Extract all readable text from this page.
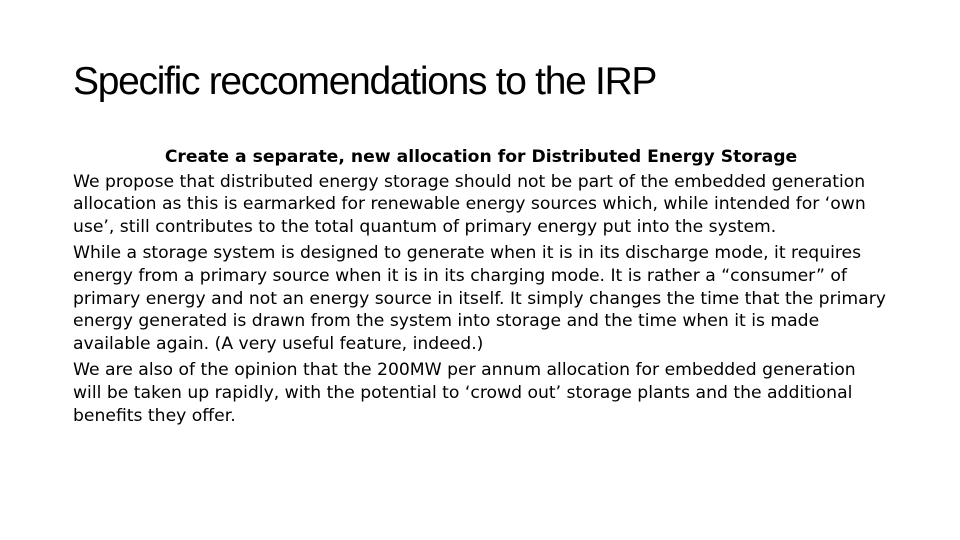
Specific reccomendations to the IRP

Create a separate, new allocation for Distributed Energy Storage

We propose that distributed energy storage should not be part of the embedded generation allocation as this is earmarked for renewable energy sources which, while intended for ‘own use’, still contributes to the total quantum of primary energy put into the system.

While a storage system is designed to generate when it is in its discharge mode, it requires energy from a primary source when it is in its charging mode. It is rather a “consumer” of primary energy and not an energy source in itself. It simply changes the time that the primary energy generated is drawn from the system into storage and the time when it is made available again. (A very useful feature, indeed.)

We are also of the opinion that the 200MW per annum allocation for embedded generation will be taken up rapidly, with the potential to ‘crowd out’ storage plants and the additional benefits they offer.
